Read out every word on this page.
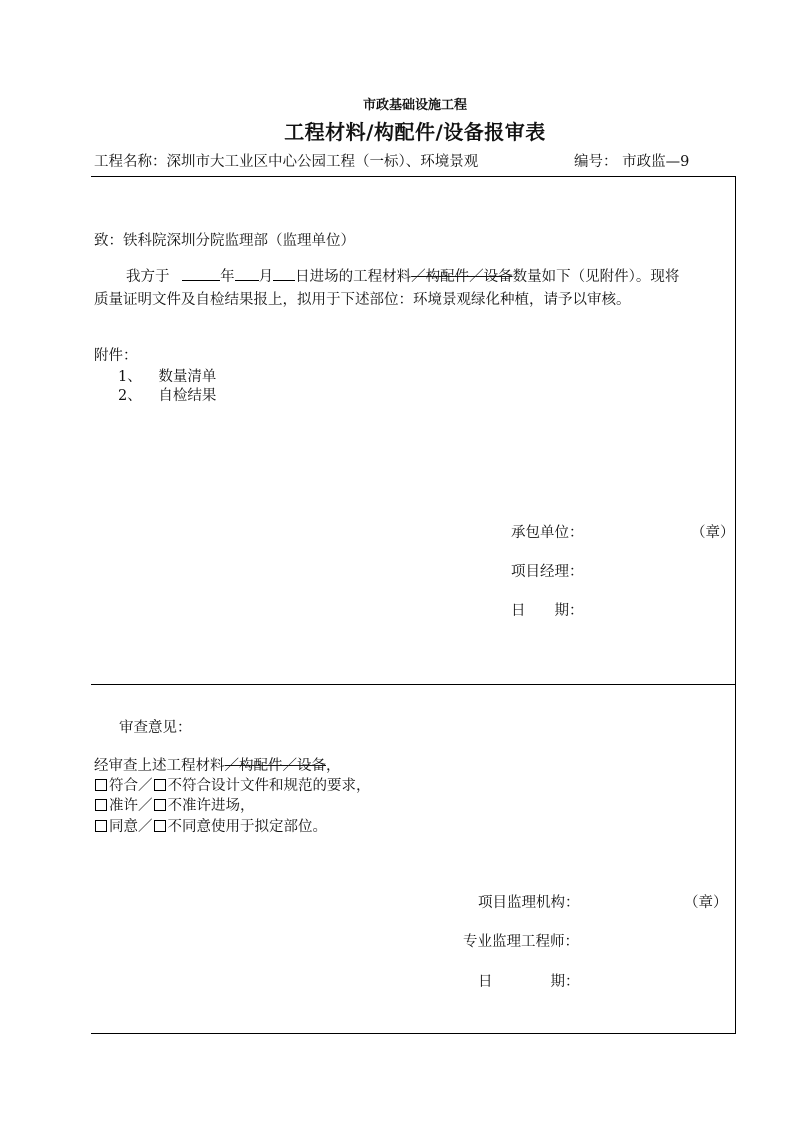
市政基础设施工程
工程材料/构配件/设备报审表
工程名称：深圳市大工业区中心公园工程（一标）、环境景观	编号： 市政监—9
致：铁科院深圳分院监理部（监理单位）
我方于	年 月 日进场的工程材料／构配件／设备数量如下（见附件）。现将
质量证明文件及自检结果报上，拟用于下述部位：环境景观绿化种植，请予以审核。
附件：
1、 数量清单
2、 自检结果
承包单位：	（章）
项目经理：
日　　期：
审查意见：
经审查上述工程材料／构配件／设备，
符合／ 不符合设计文件和规范的要求，
准许／ 不准许进场，
同意／ 不同意使用于拟定部位。
项目监理机构：	（章）
专业监理工程师：
日　　　　期：
